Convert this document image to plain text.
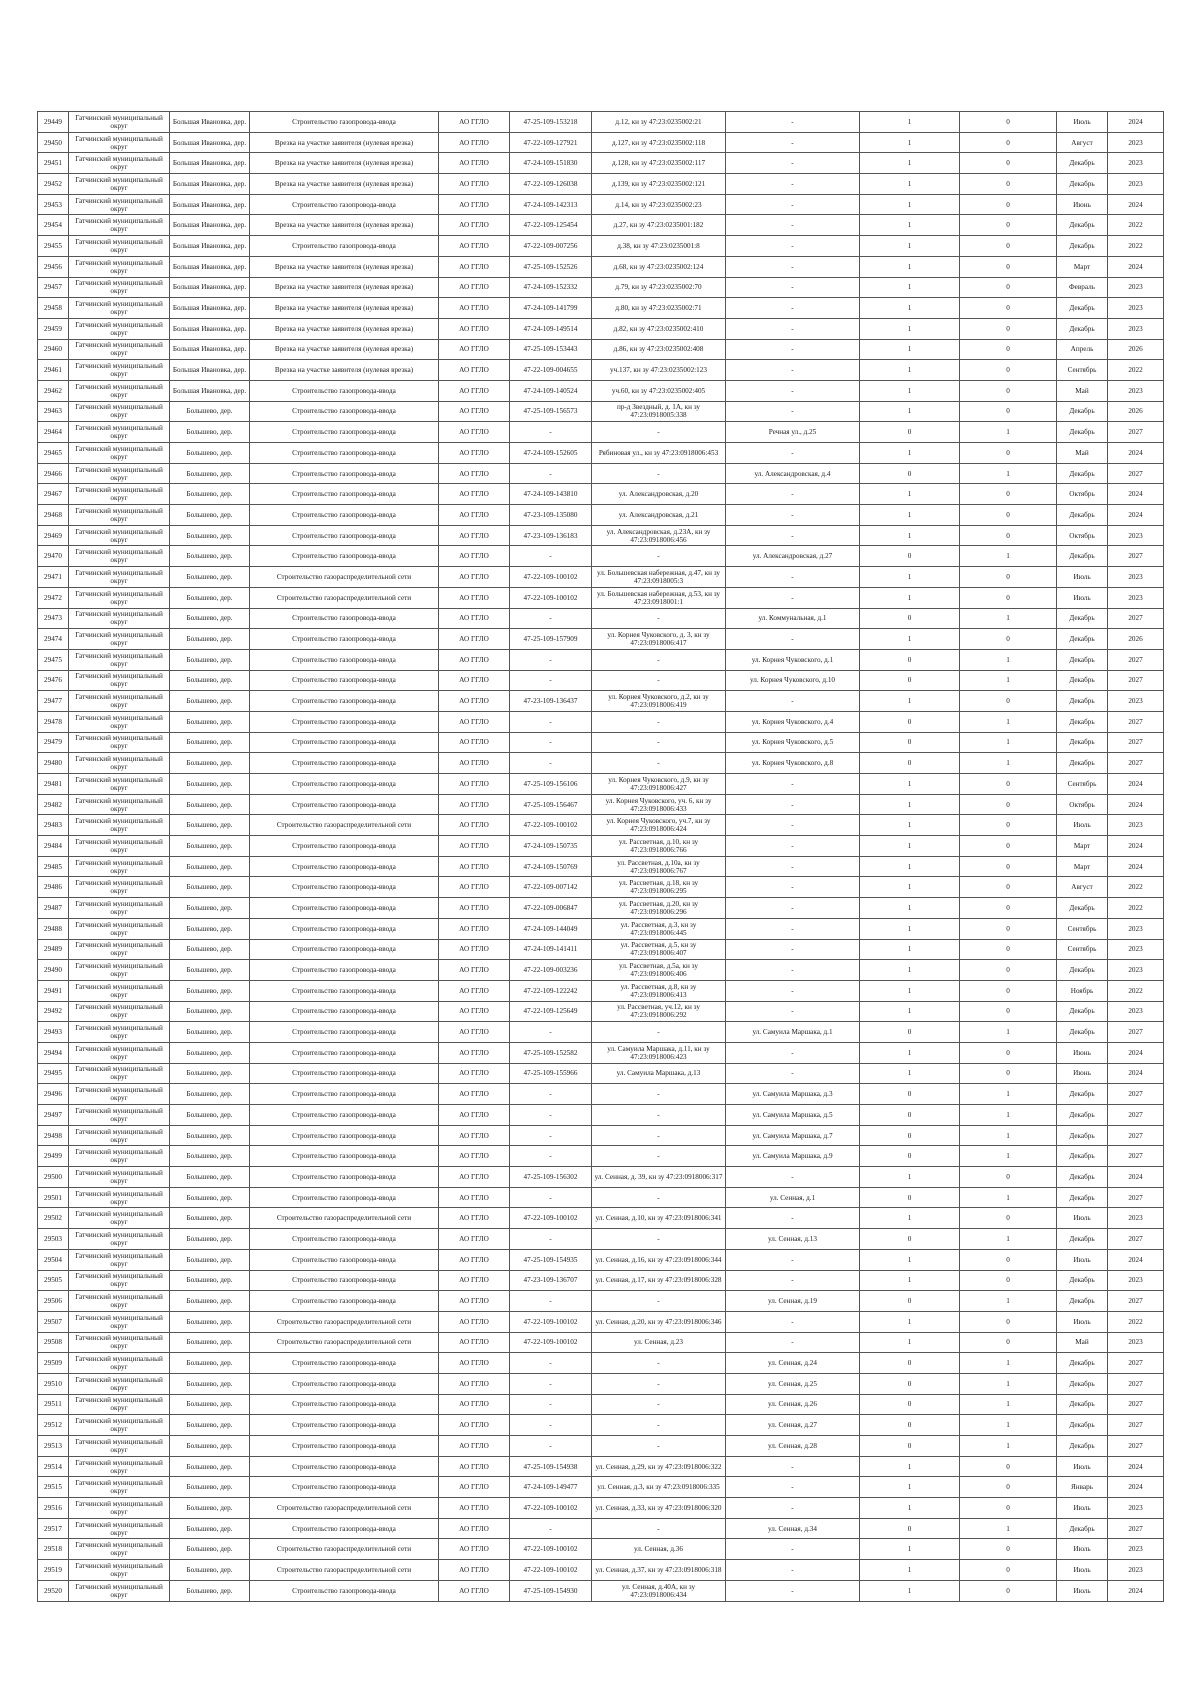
29449	Гатчинский муниципальный округ	Большая Ивановка, дер.	Строительство газопровода-ввода	АО ГГЛО	47-25-109-153218	д.12, кн зу 47:23:0235002:21	-	1	0	Июль	2024
29450	Гатчинский муниципальный округ	Большая Ивановка, дер.	Врезка на участке заявителя (нулевая врезка)	АО ГГЛО	47-22-109-127921	д.127, кн зу 47:23:0235002:118	-	1	0	Август	2023
29451	Гатчинский муниципальный округ	Большая Ивановка, дер.	Врезка на участке заявителя (нулевая врезка)	АО ГГЛО	47-24-109-151830	д.128, кн зу 47:23:0235002:117	-	1	0	Декабрь	2023
29452	Гатчинский муниципальный округ	Большая Ивановка, дер.	Врезка на участке заявителя (нулевая врезка)	АО ГГЛО	47-22-109-126038	д.139, кн зу 47:23:0235002:121	-	1	0	Декабрь	2023
29453	Гатчинский муниципальный округ	Большая Ивановка, дер.	Строительство газопровода-ввода	АО ГГЛО	47-24-109-142313	д.14, кн зу 47:23:0235002:23	-	1	0	Июнь	2024
29454	Гатчинский муниципальный округ	Большая Ивановка, дер.	Врезка на участке заявителя (нулевая врезка)	АО ГГЛО	47-22-109-125454	д.27, кн зу 47:23:0235001:182	-	1	0	Декабрь	2022
29455	Гатчинский муниципальный округ	Большая Ивановка, дер.	Строительство газопровода-ввода	АО ГГЛО	47-22-109-007256	д.38, кн зу 47:23:0235001:8	-	1	0	Декабрь	2022
29456	Гатчинский муниципальный округ	Большая Ивановка, дер.	Врезка на участке заявителя (нулевая врезка)	АО ГГЛО	47-25-109-152526	д.68, кн зу 47:23:0235002:124	-	1	0	Март	2024
29457	Гатчинский муниципальный округ	Большая Ивановка, дер.	Врезка на участке заявителя (нулевая врезка)	АО ГГЛО	47-24-109-152332	д.79, кн зу 47:23:0235002:70	-	1	0	Февраль	2023
29458	Гатчинский муниципальный округ	Большая Ивановка, дер.	Врезка на участке заявителя (нулевая врезка)	АО ГГЛО	47-24-109-141799	д.80, кн зу 47:23:0235002:71	-	1	0	Декабрь	2023
29459	Гатчинский муниципальный округ	Большая Ивановка, дер.	Врезка на участке заявителя (нулевая врезка)	АО ГГЛО	47-24-109-149514	д.82, кн зу 47:23:0235002:410	-	1	0	Декабрь	2023
29460	Гатчинский муниципальный округ	Большая Ивановка, дер.	Врезка на участке заявителя (нулевая врезка)	АО ГГЛО	47-25-109-153443	д.86, кн зу 47:23:0235002:408	-	1	0	Апрель	2026
29461	Гатчинский муниципальный округ	Большая Ивановка, дер.	Врезка на участке заявителя (нулевая врезка)	АО ГГЛО	47-22-109-004655	уч.137, кн зу 47:23:0235002:123	-	1	0	Сентябрь	2022
29462	Гатчинский муниципальный округ	Большая Ивановка, дер.	Строительство газопровода-ввода	АО ГГЛО	47-24-109-140524	уч.60, кн зу 47:23:0235002:405	-	1	0	Май	2023
29463	Гатчинский муниципальный округ	Большево, дер.	Строительство газопровода-ввода	АО ГГЛО	47-25-109-156573	пр-д Звездный, д. 1А, кн зу 47:23:0918005:338	-	1	0	Декабрь	2026
29464	Гатчинский муниципальный округ	Большево, дер.	Строительство газопровода-ввода	АО ГГЛО	-	-	Речная ул., д.25	0	1	Декабрь	2027
29465	Гатчинский муниципальный округ	Большево, дер.	Строительство газопровода-ввода	АО ГГЛО	47-24-109-152605	Рябиновая ул., кн зу 47:23:0918006:453	-	1	0	Май	2024
29466	Гатчинский муниципальный округ	Большево, дер.	Строительство газопровода-ввода	АО ГГЛО	-	-	ул. Александровская, д.4	0	1	Декабрь	2027
29467	Гатчинский муниципальный округ	Большево, дер.	Строительство газопровода-ввода	АО ГГЛО	47-24-109-143810	ул. Александровская, д.20	-	1	0	Октябрь	2024
29468	Гатчинский муниципальный округ	Большево, дер.	Строительство газопровода-ввода	АО ГГЛО	47-23-109-135080	ул. Александровская, д.21	-	1	0	Декабрь	2024
29469	Гатчинский муниципальный округ	Большево, дер.	Строительство газопровода-ввода	АО ГГЛО	47-23-109-136183	ул. Александровская, д.23А, кн зу 47:23:0918006:456	-	1	0	Октябрь	2023
29470	Гатчинский муниципальный округ	Большево, дер.	Строительство газопровода-ввода	АО ГГЛО	-	-	ул. Александровская, д.27	0	1	Декабрь	2027
29471	Гатчинский муниципальный округ	Большево, дер.	Строительство газораспределительной сети	АО ГГЛО	47-22-109-100102	ул. Большевская набережная, д.47, кн зу 47:23:0918005:3	-	1	0	Июль	2023
29472	Гатчинский муниципальный округ	Большево, дер.	Строительство газораспределительной сети	АО ГГЛО	47-22-109-100102	ул. Большевская набережная, д.53, кн зу 47:23:0918001:1	-	1	0	Июль	2023
29473	Гатчинский муниципальный округ	Большево, дер.	Строительство газопровода-ввода	АО ГГЛО	-	-	ул. Коммунальная, д.1	0	1	Декабрь	2027
29474	Гатчинский муниципальный округ	Большево, дер.	Строительство газопровода-ввода	АО ГГЛО	47-25-109-157909	ул. Корнея Чуковского, д. 3, кн зу 47:23:0918006:417	-	1	0	Декабрь	2026
29475	Гатчинский муниципальный округ	Большево, дер.	Строительство газопровода-ввода	АО ГГЛО	-	-	ул. Корнея Чуковского, д.1	0	1	Декабрь	2027
29476	Гатчинский муниципальный округ	Большево, дер.	Строительство газопровода-ввода	АО ГГЛО	-	-	ул. Корнея Чуковского, д.10	0	1	Декабрь	2027
29477	Гатчинский муниципальный округ	Большево, дер.	Строительство газопровода-ввода	АО ГГЛО	47-23-109-136437	ул. Корнея Чуковского, д.2, кн зу 47:23:0918006:419	-	1	0	Декабрь	2023
29478	Гатчинский муниципальный округ	Большево, дер.	Строительство газопровода-ввода	АО ГГЛО	-	-	ул. Корнея Чуковского, д.4	0	1	Декабрь	2027
29479	Гатчинский муниципальный округ	Большево, дер.	Строительство газопровода-ввода	АО ГГЛО	-	-	ул. Корнея Чуковского, д.5	0	1	Декабрь	2027
29480	Гатчинский муниципальный округ	Большево, дер.	Строительство газопровода-ввода	АО ГГЛО	-	-	ул. Корнея Чуковского, д.8	0	1	Декабрь	2027
29481	Гатчинский муниципальный округ	Большево, дер.	Строительство газопровода-ввода	АО ГГЛО	47-25-109-156106	ул. Корнея Чуковского, д.9, кн зу 47:23:0918006:427	-	1	0	Сентябрь	2024
29482	Гатчинский муниципальный округ	Большево, дер.	Строительство газопровода-ввода	АО ГГЛО	47-25-109-156467	ул. Корнея Чуковского, уч. 6, кн зу 47:23:0918006:433	-	1	0	Октябрь	2024
29483	Гатчинский муниципальный округ	Большево, дер.	Строительство газораспределительной сети	АО ГГЛО	47-22-109-100102	ул. Корнея Чуковского, уч.7, кн зу 47:23:0918006:424	-	1	0	Июль	2023
29484	Гатчинский муниципальный округ	Большево, дер.	Строительство газопровода-ввода	АО ГГЛО	47-24-109-150735	ул. Рассветная, д.10, кн зу 47:23:0918006:766	-	1	0	Март	2024
29485	Гатчинский муниципальный округ	Большево, дер.	Строительство газопровода-ввода	АО ГГЛО	47-24-109-150769	ул. Рассветная, д.10а, кн зу 47:23:0918006:767	-	1	0	Март	2024
29486	Гатчинский муниципальный округ	Большево, дер.	Строительство газопровода-ввода	АО ГГЛО	47-22-109-007142	ул. Рассветная, д.18, кн зу 47:23:0918006:295	-	1	0	Август	2022
29487	Гатчинский муниципальный округ	Большево, дер.	Строительство газопровода-ввода	АО ГГЛО	47-22-109-006847	ул. Рассветная, д.20, кн зу 47:23:0918006:296	-	1	0	Декабрь	2022
29488	Гатчинский муниципальный округ	Большево, дер.	Строительство газопровода-ввода	АО ГГЛО	47-24-109-144049	ул. Рассветная, д.3, кн зу 47:23:0918006:445	-	1	0	Сентябрь	2023
29489	Гатчинский муниципальный округ	Большево, дер.	Строительство газопровода-ввода	АО ГГЛО	47-24-109-141411	ул. Рассветная, д.5, кн зу 47:23:0918006:407	-	1	0	Сентябрь	2023
29490	Гатчинский муниципальный округ	Большево, дер.	Строительство газопровода-ввода	АО ГГЛО	47-22-109-003236	ул. Рассветная, д.5а, кн зу 47:23:0918006:406	-	1	0	Декабрь	2023
29491	Гатчинский муниципальный округ	Большево, дер.	Строительство газопровода-ввода	АО ГГЛО	47-22-109-122242	ул. Рассветная, д.8, кн зу 47:23:0918006:413	-	1	0	Ноябрь	2022
29492	Гатчинский муниципальный округ	Большево, дер.	Строительство газопровода-ввода	АО ГГЛО	47-22-109-125649	ул. Рассветная, уч.12, кн зу 47:23:0918006:292	-	1	0	Декабрь	2023
29493	Гатчинский муниципальный округ	Большево, дер.	Строительство газопровода-ввода	АО ГГЛО	-	-	ул. Самуила Маршака, д.1	0	1	Декабрь	2027
29494	Гатчинский муниципальный округ	Большево, дер.	Строительство газопровода-ввода	АО ГГЛО	47-25-109-152582	ул. Самуила Маршака, д.11, кн зу 47:23:0918006:423	-	1	0	Июнь	2024
29495	Гатчинский муниципальный округ	Большево, дер.	Строительство газопровода-ввода	АО ГГЛО	47-25-109-155966	ул. Самуила Маршака, д.13	-	1	0	Июнь	2024
29496	Гатчинский муниципальный округ	Большево, дер.	Строительство газопровода-ввода	АО ГГЛО	-	-	ул. Самуила Маршака, д.3	0	1	Декабрь	2027
29497	Гатчинский муниципальный округ	Большево, дер.	Строительство газопровода-ввода	АО ГГЛО	-	-	ул. Самуила Маршака, д.5	0	1	Декабрь	2027
29498	Гатчинский муниципальный округ	Большево, дер.	Строительство газопровода-ввода	АО ГГЛО	-	-	ул. Самуила Маршака, д.7	0	1	Декабрь	2027
29499	Гатчинский муниципальный округ	Большево, дер.	Строительство газопровода-ввода	АО ГГЛО	-	-	ул. Самуила Маршака, д.9	0	1	Декабрь	2027
29500	Гатчинский муниципальный округ	Большево, дер.	Строительство газопровода-ввода	АО ГГЛО	47-25-109-156302	ул. Сенная, д. 39, кн зу 47:23:0918006:317	-	1	0	Декабрь	2024
29501	Гатчинский муниципальный округ	Большево, дер.	Строительство газопровода-ввода	АО ГГЛО	-	-	ул. Сенная, д.1	0	1	Декабрь	2027
29502	Гатчинский муниципальный округ	Большево, дер.	Строительство газораспределительной сети	АО ГГЛО	47-22-109-100102	ул. Сенная, д.10, кн зу 47:23:0918006:341	-	1	0	Июль	2023
29503	Гатчинский муниципальный округ	Большево, дер.	Строительство газопровода-ввода	АО ГГЛО	-	-	ул. Сенная, д.13	0	1	Декабрь	2027
29504	Гатчинский муниципальный округ	Большево, дер.	Строительство газопровода-ввода	АО ГГЛО	47-25-109-154935	ул. Сенная, д.16, кн зу 47:23:0918006:344	-	1	0	Июль	2024
29505	Гатчинский муниципальный округ	Большево, дер.	Строительство газопровода-ввода	АО ГГЛО	47-23-109-136707	ул. Сенная, д.17, кн зу 47:23:0918006:328	-	1	0	Декабрь	2023
29506	Гатчинский муниципальный округ	Большево, дер.	Строительство газопровода-ввода	АО ГГЛО	-	-	ул. Сенная, д.19	0	1	Декабрь	2027
29507	Гатчинский муниципальный округ	Большево, дер.	Строительство газораспределительной сети	АО ГГЛО	47-22-109-100102	ул. Сенная, д.20, кн зу 47:23:0918006:346	-	1	0	Июль	2022
29508	Гатчинский муниципальный округ	Большево, дер.	Строительство газораспределительной сети	АО ГГЛО	47-22-109-100102	ул. Сенная, д.23	-	1	0	Май	2023
29509	Гатчинский муниципальный округ	Большево, дер.	Строительство газопровода-ввода	АО ГГЛО	-	-	ул. Сенная, д.24	0	1	Декабрь	2027
29510	Гатчинский муниципальный округ	Большево, дер.	Строительство газопровода-ввода	АО ГГЛО	-	-	ул. Сенная, д.25	0	1	Декабрь	2027
29511	Гатчинский муниципальный округ	Большево, дер.	Строительство газопровода-ввода	АО ГГЛО	-	-	ул. Сенная, д.26	0	1	Декабрь	2027
29512	Гатчинский муниципальный округ	Большево, дер.	Строительство газопровода-ввода	АО ГГЛО	-	-	ул. Сенная, д.27	0	1	Декабрь	2027
29513	Гатчинский муниципальный округ	Большево, дер.	Строительство газопровода-ввода	АО ГГЛО	-	-	ул. Сенная, д.28	0	1	Декабрь	2027
29514	Гатчинский муниципальный округ	Большево, дер.	Строительство газопровода-ввода	АО ГГЛО	47-25-109-154938	ул. Сенная, д.29, кн зу 47:23:0918006:322	-	1	0	Июль	2024
29515	Гатчинский муниципальный округ	Большево, дер.	Строительство газопровода-ввода	АО ГГЛО	47-24-109-149477	ул. Сенная, д.3, кн зу 47:23:0918006:335	-	1	0	Январь	2024
29516	Гатчинский муниципальный округ	Большево, дер.	Строительство газораспределительной сети	АО ГГЛО	47-22-109-100102	ул. Сенная, д.33, кн зу 47:23:0918006:320	-	1	0	Июль	2023
29517	Гатчинский муниципальный округ	Большево, дер.	Строительство газопровода-ввода	АО ГГЛО	-	-	ул. Сенная, д.34	0	1	Декабрь	2027
29518	Гатчинский муниципальный округ	Большево, дер.	Строительство газораспределительной сети	АО ГГЛО	47-22-109-100102	ул. Сенная, д.36	-	1	0	Июль	2023
29519	Гатчинский муниципальный округ	Большево, дер.	Строительство газораспределительной сети	АО ГГЛО	47-22-109-100102	ул. Сенная, д.37, кн зу 47:23:0918006:318	-	1	0	Июль	2023
29520	Гатчинский муниципальный округ	Большево, дер.	Строительство газопровода-ввода	АО ГГЛО	47-25-109-154930	ул. Сенная, д.40А, кн зу 47:23:0918006:434	-	1	0	Июль	2024
